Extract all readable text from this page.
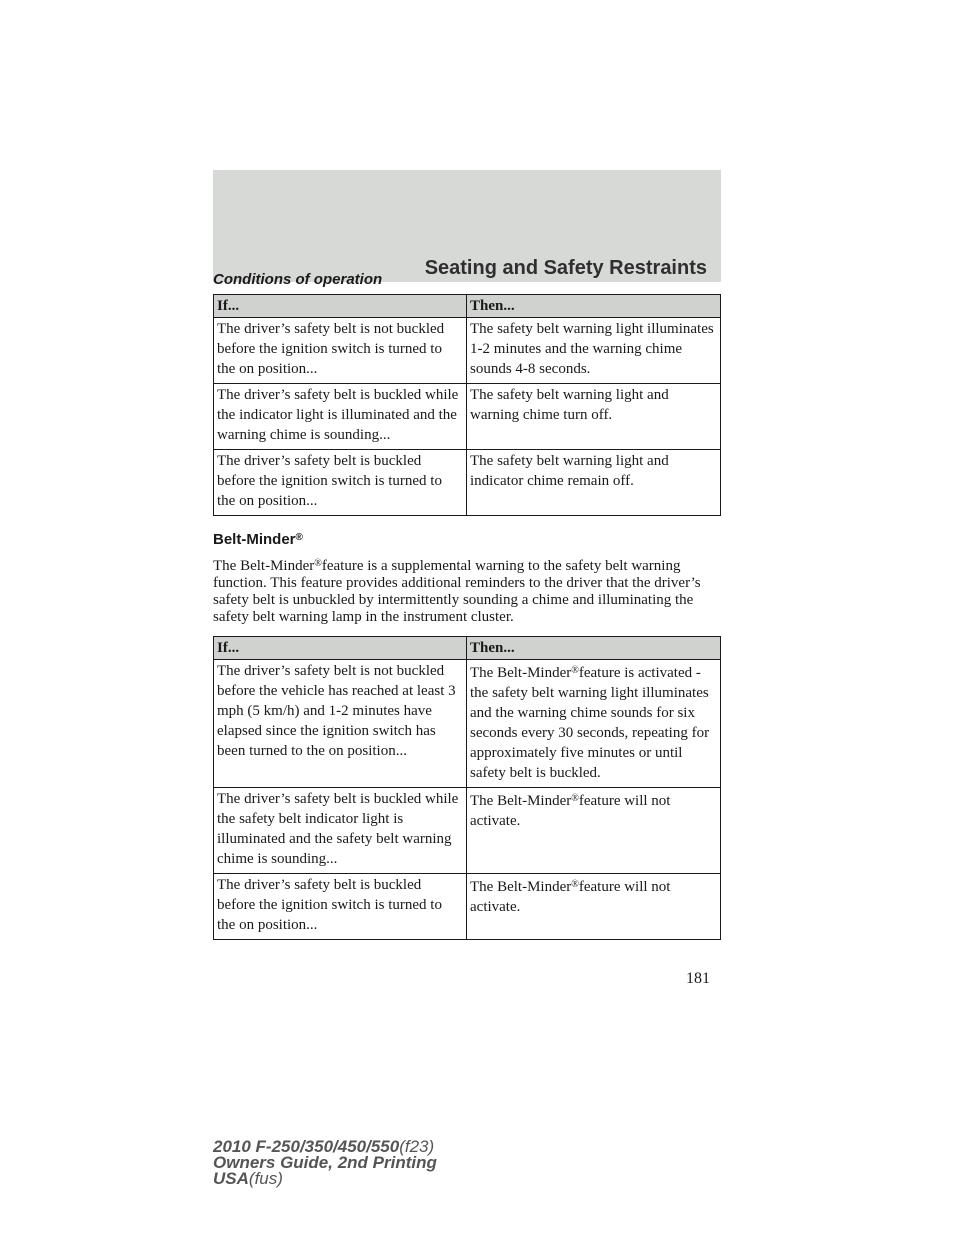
Seating and Safety Restraints
Conditions of operation
If...	Then...
The driver’s safety belt is not buckled before the ignition switch is turned to the on position...	The safety belt warning light illuminates 1-2 minutes and the warning chime sounds 4-8 seconds.
The driver’s safety belt is buckled while the indicator light is illuminated and the warning chime is sounding...	The safety belt warning light and warning chime turn off.
The driver’s safety belt is buckled before the ignition switch is turned to the on position...	The safety belt warning light and indicator chime remain off.
Belt-Minder®

The Belt-Minder®feature is a supplemental warning to the safety belt warning function. This feature provides additional reminders to the driver that the driver’s safety belt is unbuckled by intermittently sounding a chime and illuminating the safety belt warning lamp in the instrument cluster.

If...	Then...
The driver’s safety belt is not buckled before the vehicle has reached at least 3 mph (5 km/h) and 1-2 minutes have elapsed since the ignition switch has been turned to the on position...	The Belt-Minder®feature is activated - the safety belt warning light illuminates and the warning chime sounds for six seconds every 30 seconds, repeating for approximately five minutes or until safety belt is buckled.
The driver’s safety belt is buckled while the safety belt indicator light is illuminated and the safety belt warning chime is sounding...	The Belt-Minder®feature will not activate.
The driver’s safety belt is buckled before the ignition switch is turned to the on position...	The Belt-Minder®feature will not activate.
181
2010 F-250/350/450/550(f23)
Owners Guide, 2nd Printing
USA(fus)
